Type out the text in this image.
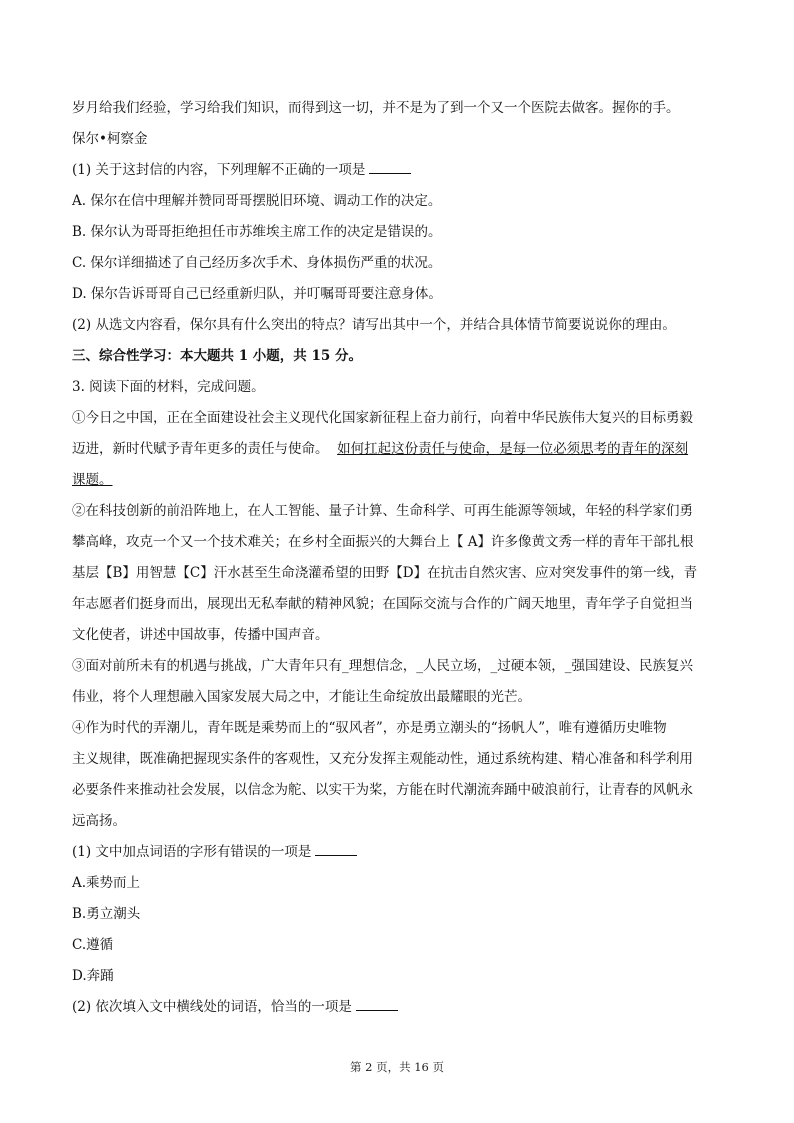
岁月给我们经验，学习给我们知识，而得到这一切，并不是为了到一个又一个医院去做客。握你的手。
保尔•柯察金
(1) 关于这封信的内容，下列理解不正确的一项是
A. 保尔在信中理解并赞同哥哥摆脱旧环境、调动工作的决定。
B. 保尔认为哥哥拒绝担任市苏维埃主席工作的决定是错误的。
C. 保尔详细描述了自己经历多次手术、身体损伤严重的状况。
D. 保尔告诉哥哥自己已经重新归队，并叮嘱哥哥要注意身体。
(2) 从选文内容看，保尔具有什么突出的特点？请写出其中一个，并结合具体情节简要说说你的理由。
三、综合性学习：本大题共 1 小题，共 15 分。
3. 阅读下面的材料，完成问题。
①今日之中国，正在全面建设社会主义现代化国家新征程上奋力前行，向着中华民族伟大复兴的目标勇毅
迈进，新时代赋予青年更多的责任与使命。 如何扛起这份责任与使命，是每一位必须思考的青年的深刻
课题。
②在科技创新的前沿阵地上，在人工智能、量子计算、生命科学、可再生能源等领域，年轻的科学家们勇
攀高峰，攻克一个又一个技术难关；在乡村全面振兴的大舞台上【 A】许多像黄文秀一样的青年干部扎根
基层【B】用智慧【C】汗水甚至生命浇灌希望的田野【D】在抗击自然灾害、应对突发事件的第一线，青
年志愿者们挺身而出，展现出无私奉献的精神风貌；在国际交流与合作的广阔天地里，青年学子自觉担当
文化使者，讲述中国故事，传播中国声音。
③面对前所未有的机遇与挑战，广大青年只有_理想信念，_人民立场，_过硬本领，_强国建设、民族复兴
伟业，将个人理想融入国家发展大局之中，才能让生命绽放出最耀眼的光芒。
④作为时代的弄潮儿，青年既是乘势而上的“驭风者”，亦是勇立潮头的“扬帆人”，唯有遵循历史唯物
主义规律，既准确把握现实条件的客观性，又充分发挥主观能动性，通过系统构建、精心准备和科学利用
必要条件来推动社会发展，以信念为舵、以实干为桨，方能在时代潮流奔踊中破浪前行，让青春的风帆永
远高扬。
(1) 文中加点词语的字形有错误的一项是
A.乘势而上
B.勇立潮头
C.遵循
D.奔踊
(2) 依次填入文中横线处的词语，恰当的一项是
第 2 页，共 16 页
